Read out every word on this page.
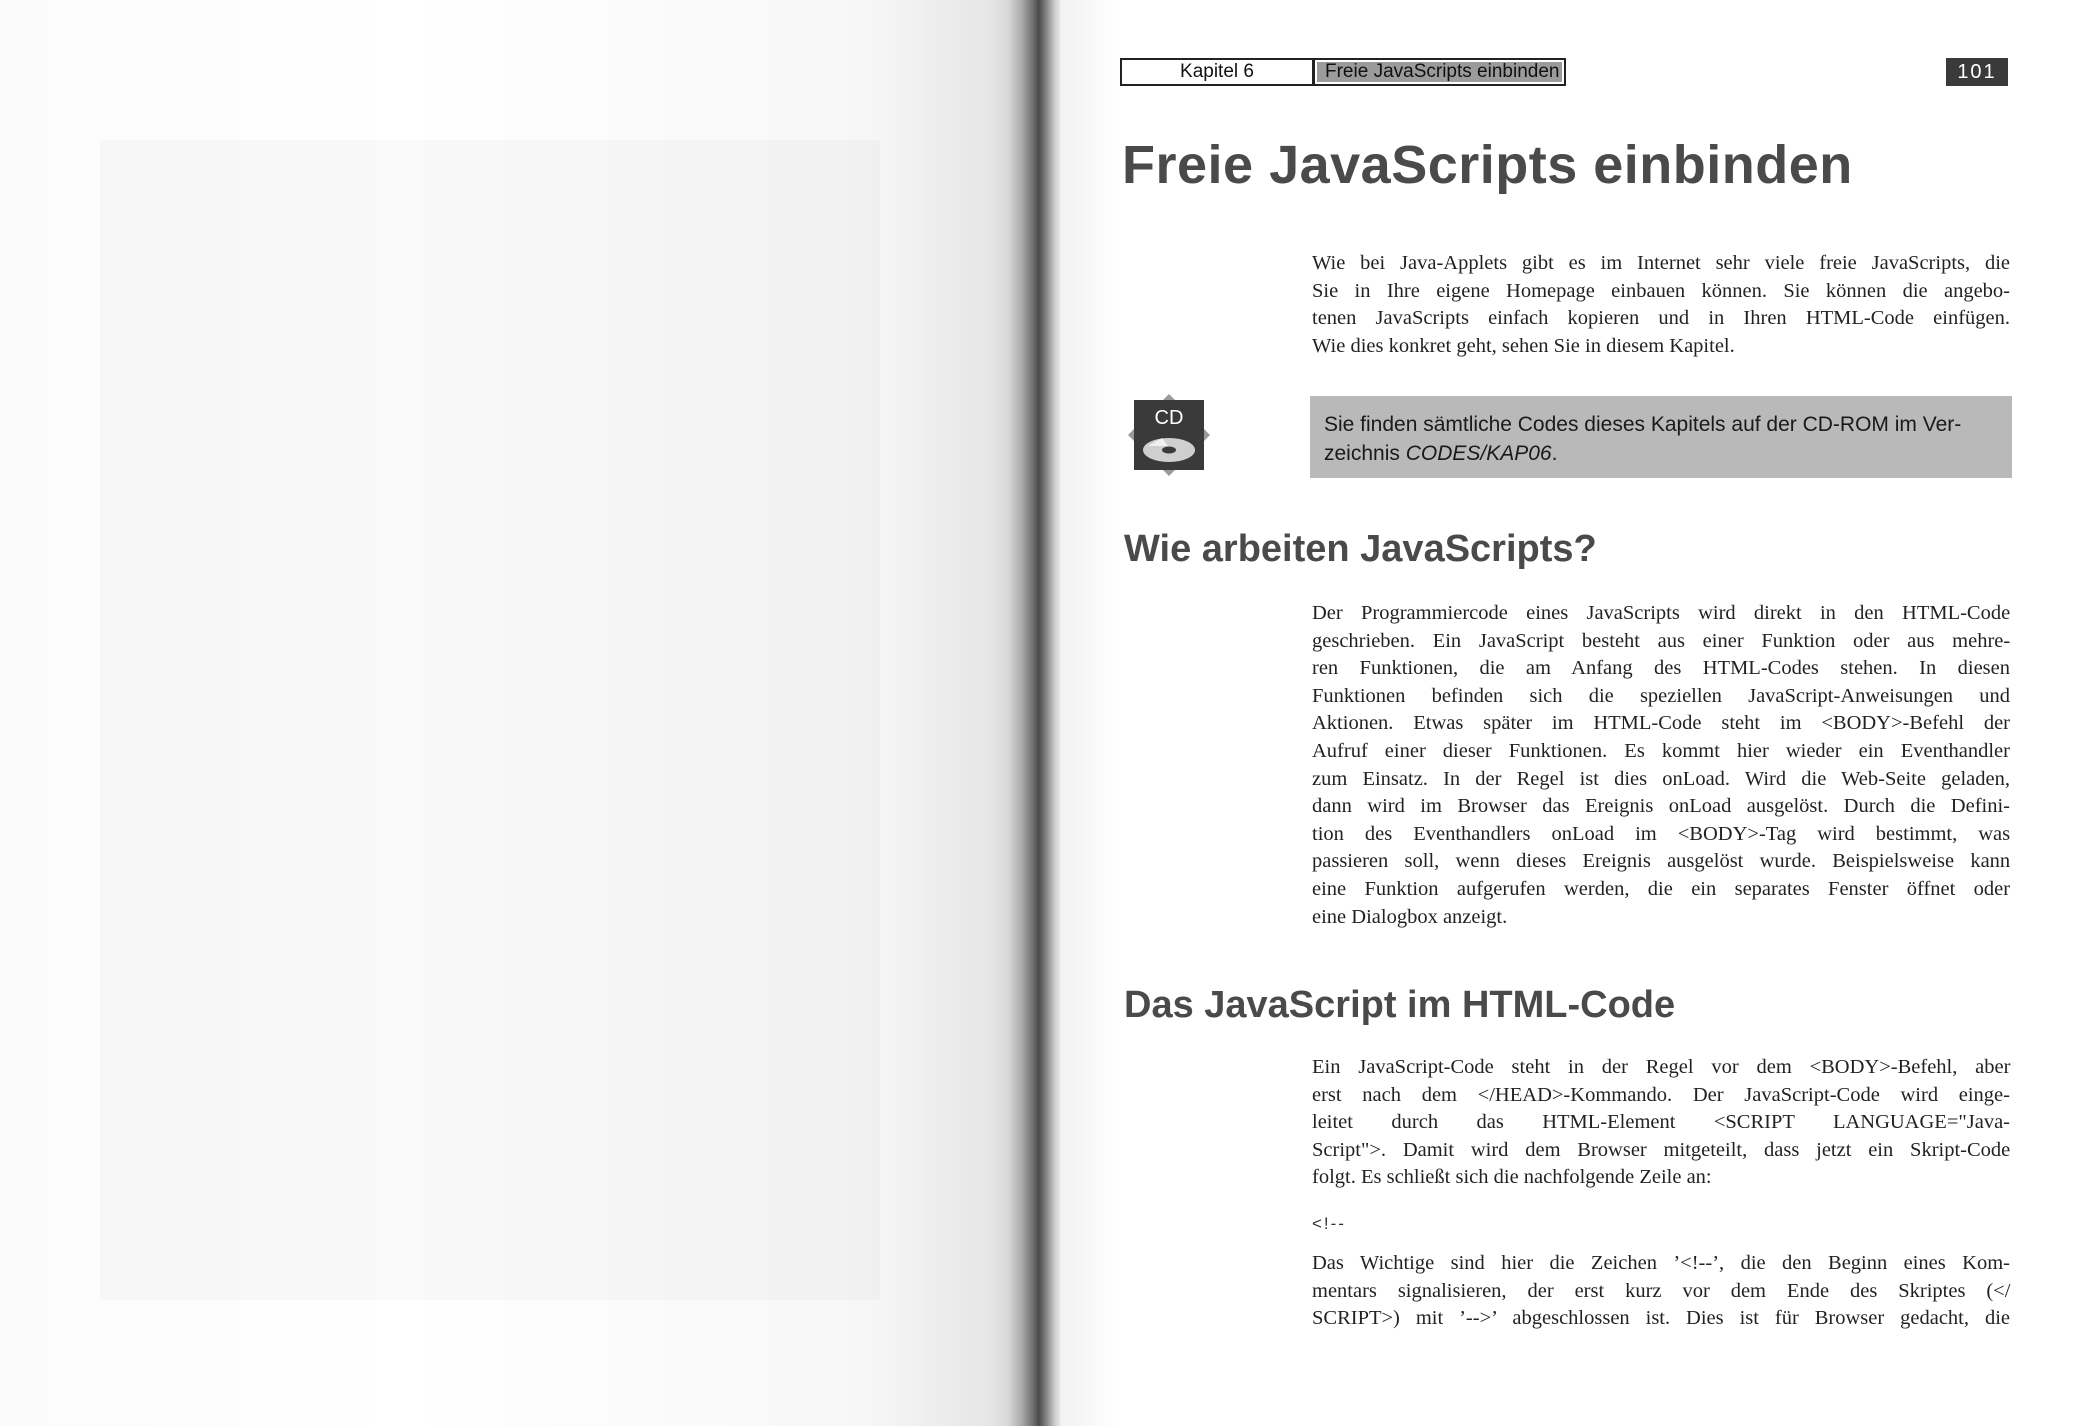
Kapitel 6	Freie JavaScripts einbinden	101
Freie JavaScripts einbinden

Wie bei Java-Applets gibt es im Internet sehr viele freie JavaScripts, die
Sie in Ihre eigene Homepage einbauen können. Sie können die angebo-
tenen JavaScripts einfach kopieren und in Ihren HTML-Code einfügen.
Wie dies konkret geht, sehen Sie in diesem Kapitel.

CD	Sie finden sämtliche Codes dieses Kapitels auf der CD-ROM im Ver-
zeichnis CODES/KAP06.
Wie arbeiten JavaScripts?

Der Programmiercode eines JavaScripts wird direkt in den HTML-Code
geschrieben. Ein JavaScript besteht aus einer Funktion oder aus mehre-
ren Funktionen, die am Anfang des HTML-Codes stehen. In diesen
Funktionen befinden sich die speziellen JavaScript-Anweisungen und
Aktionen. Etwas später im HTML-Code steht im <BODY>-Befehl der
Aufruf einer dieser Funktionen. Es kommt hier wieder ein Eventhandler
zum Einsatz. In der Regel ist dies onLoad. Wird die Web-Seite geladen,
dann wird im Browser das Ereignis onLoad ausgelöst. Durch die Defini-
tion des Eventhandlers onLoad im <BODY>-Tag wird bestimmt, was
passieren soll, wenn dieses Ereignis ausgelöst wurde. Beispielsweise kann
eine Funktion aufgerufen werden, die ein separates Fenster öffnet oder
eine Dialogbox anzeigt.

Das JavaScript im HTML-Code

Ein JavaScript-Code steht in der Regel vor dem <BODY>-Befehl, aber
erst nach dem </HEAD>-Kommando. Der JavaScript-Code wird einge-
leitet durch das HTML-Element <SCRIPT LANGUAGE="Java-
Script">. Damit wird dem Browser mitgeteilt, dass jetzt ein Skript-Code
folgt. Es schließt sich die nachfolgende Zeile an:

<!--

Das Wichtige sind hier die Zeichen ’<!--’, die den Beginn eines Kom-
mentars signalisieren, der erst kurz vor dem Ende des Skriptes (</
SCRIPT>) mit ’-->’ abgeschlossen ist. Dies ist für Browser gedacht, die
